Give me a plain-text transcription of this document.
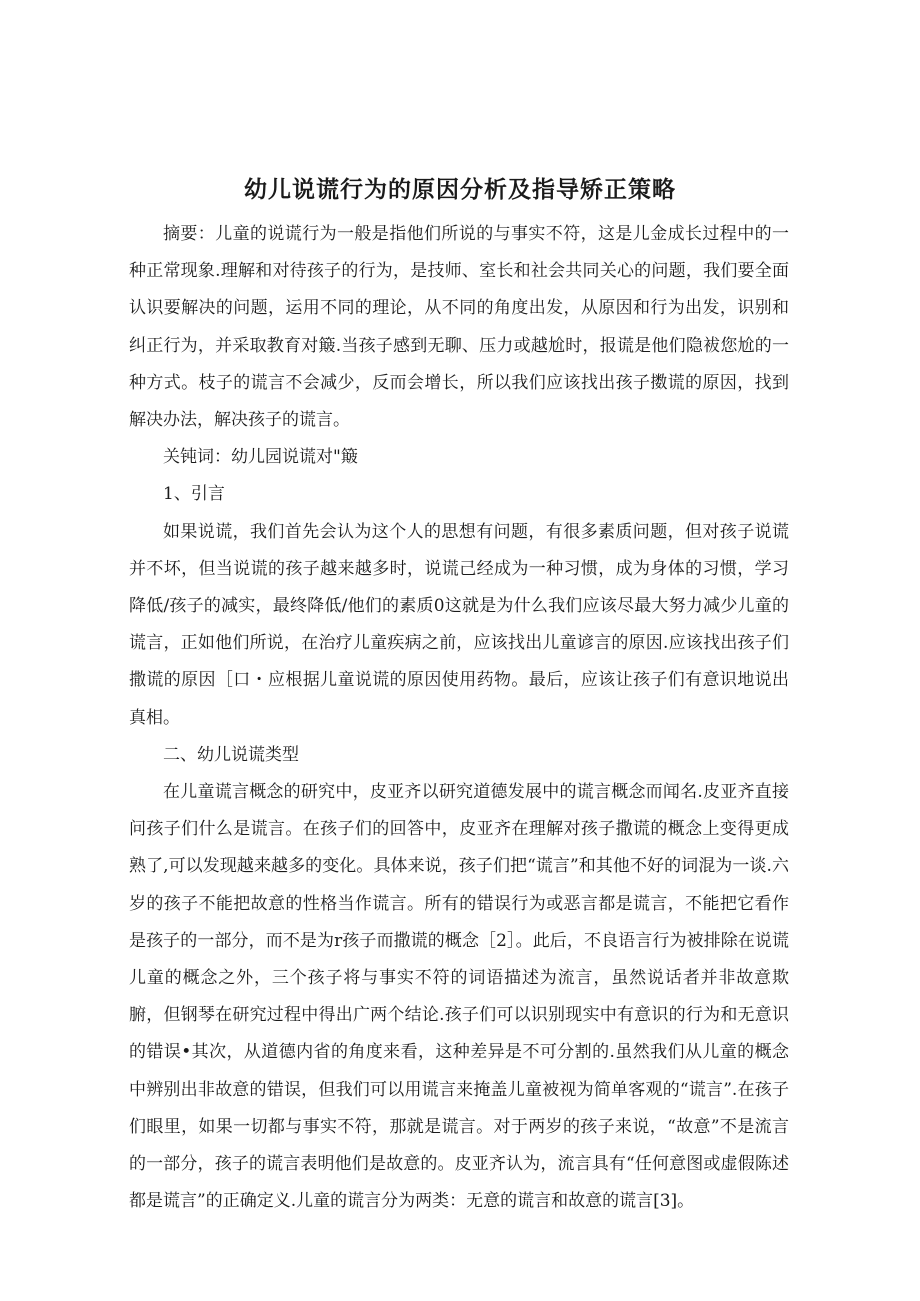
幼儿说谎行为的原因分析及指导矫正策略

摘要：儿童的说谎行为一般是指他们所说的与事实不符，这是儿金成长过程中的一种正常现象.理解和对待孩子的行为，是技师、室长和社会共同关心的问题，我们要全面认识要解决的问题，运用不同的理论，从不同的角度出发，从原因和行为出发，识别和纠正行为，并采取教育对簸.当孩子感到无聊、压力或越尬时，报谎是他们隐袚您尬的一种方式。枝子的谎言不会减少，反而会增长，所以我们应该找出孩子擞谎的原因，找到解决办法，解决孩子的谎言。

关钝词：幼儿园说谎对"簸

1、引言

如果说谎，我们首先会认为这个人的思想有问题，有很多素质问题，但对孩子说谎并不坏，但当说谎的孩子越来越多时，说谎己经成为一种习惯，成为身体的习惯，学习降低/孩子的减实，最终降低/他们的素质0这就是为什么我们应该尽最大努力减少儿童的谎言，正如他们所说，在治疗儿童疾病之前，应该找出儿童谚言的原因.应该找出孩子们撒谎的原因［口・应根据儿童说谎的原因使用药物。最后，应该让孩子们有意识地说出真相。

二、幼儿说谎类型

在儿童谎言概念的研究中，皮亚齐以研究道德发展中的谎言概念而闻名.皮亚齐直接问孩子们什么是谎言。在孩子们的回答中，皮亚齐在理解对孩子撒谎的概念上变得更成熟了,可以发现越来越多的变化。具体来说，孩子们把“谎言”和其他不好的词混为一谈.六岁的孩子不能把故意的性格当作谎言。所有的错误行为或恶言都是谎言，不能把它看作是孩子的一部分，而不是为r孩子而撒谎的概念［2］。此后，不良语言行为被排除在说谎儿童的概念之外，三个孩子将与事实不符的词语描述为流言，虽然说话者并非故意欺腑，但钢琴在研究过程中得出广两个结论.孩子们可以识别现实中有意识的行为和无意识的错误•其次，从道德内省的角度来看，这种差异是不可分割的.虽然我们从儿童的概念中辨别出非故意的错误，但我们可以用谎言来掩盖儿童被视为简单客观的“谎言”.在孩子们眼里，如果一切都与事实不符，那就是谎言。对于两岁的孩子来说，“故意”不是流言的一部分，孩子的谎言表明他们是故意的。皮亚齐认为，流言具有“任何意图或虚假陈述都是谎言”的正确定义.儿童的谎言分为两类：无意的谎言和故意的谎言[3]。
